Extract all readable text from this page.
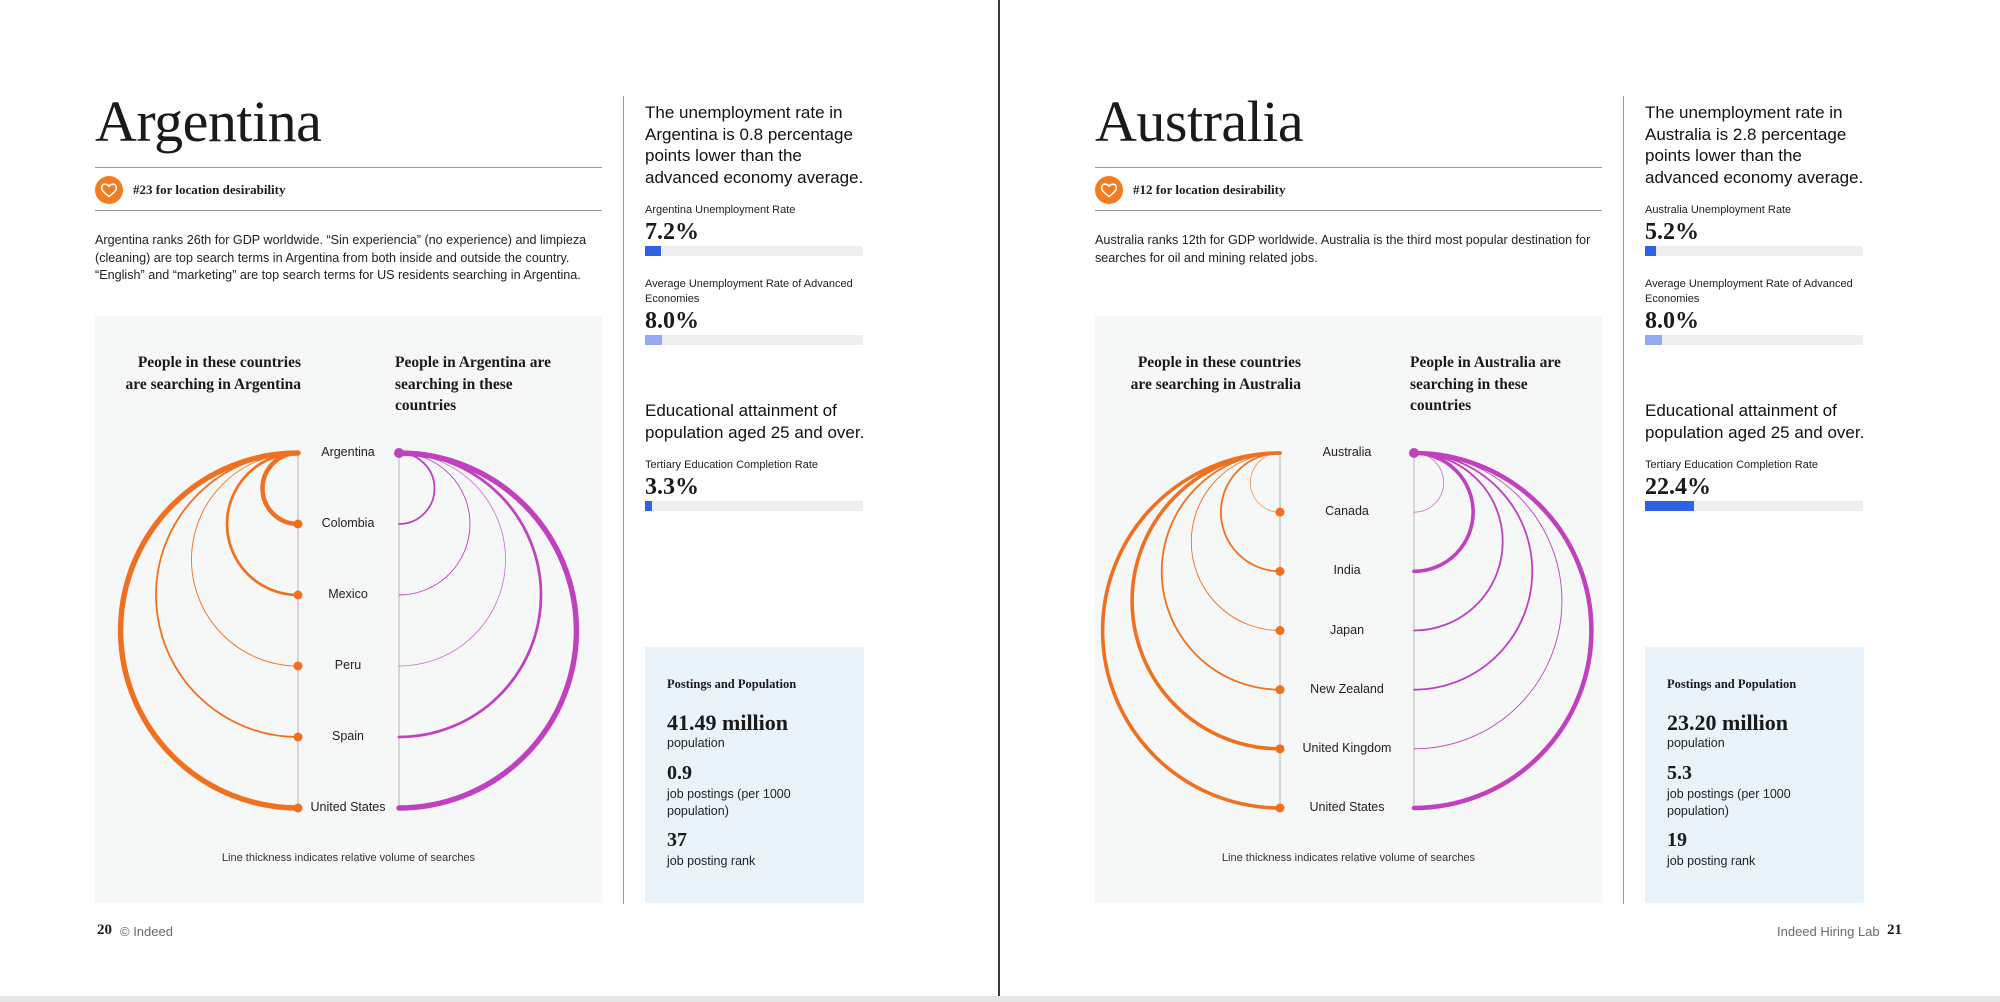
Argentina
#23 for location desirability

Argentina ranks 26th for GDP worldwide. “Sin experiencia” (no experience) and limpieza (cleaning) are top search terms in Argentina from both inside and outside the country. “English” and “marketing” are top search terms for US residents searching in Argentina.

People in these countries are searching in Argentina
People in Argentina are searching in these countries
Argentina
Colombia
Mexico
Peru
Spain
United States
Line thickness indicates relative volume of searches

The unemployment rate in Argentina is 0.8 percentage points lower than the advanced economy average.

Argentina Unemployment Rate

7.2%

Average Unemployment Rate of Advanced Economies

8.0%

Educational attainment of population aged 25 and over.

Tertiary Education Completion Rate

3.3%

Postings and Population
41.49 million
population
0.9
job postings (per 1000 population)
37
job posting rank
20 © Indeed
Australia
#12 for location desirability

Australia ranks 12th for GDP worldwide. Australia is the third most popular destination for searches for oil and mining related jobs.

People in these countries are searching in Australia
People in Australia are searching in these countries
Australia
Canada
India
Japan
New Zealand
United Kingdom
United States
Line thickness indicates relative volume of searches

The unemployment rate in Australia is 2.8 percentage points lower than the advanced economy average.

Australia Unemployment Rate

5.2%

Average Unemployment Rate of Advanced Economies

8.0%

Educational attainment of population aged 25 and over.

Tertiary Education Completion Rate

22.4%

Postings and Population
23.20 million
population
5.3
job postings (per 1000 population)
19
job posting rank
Indeed Hiring Lab 21
